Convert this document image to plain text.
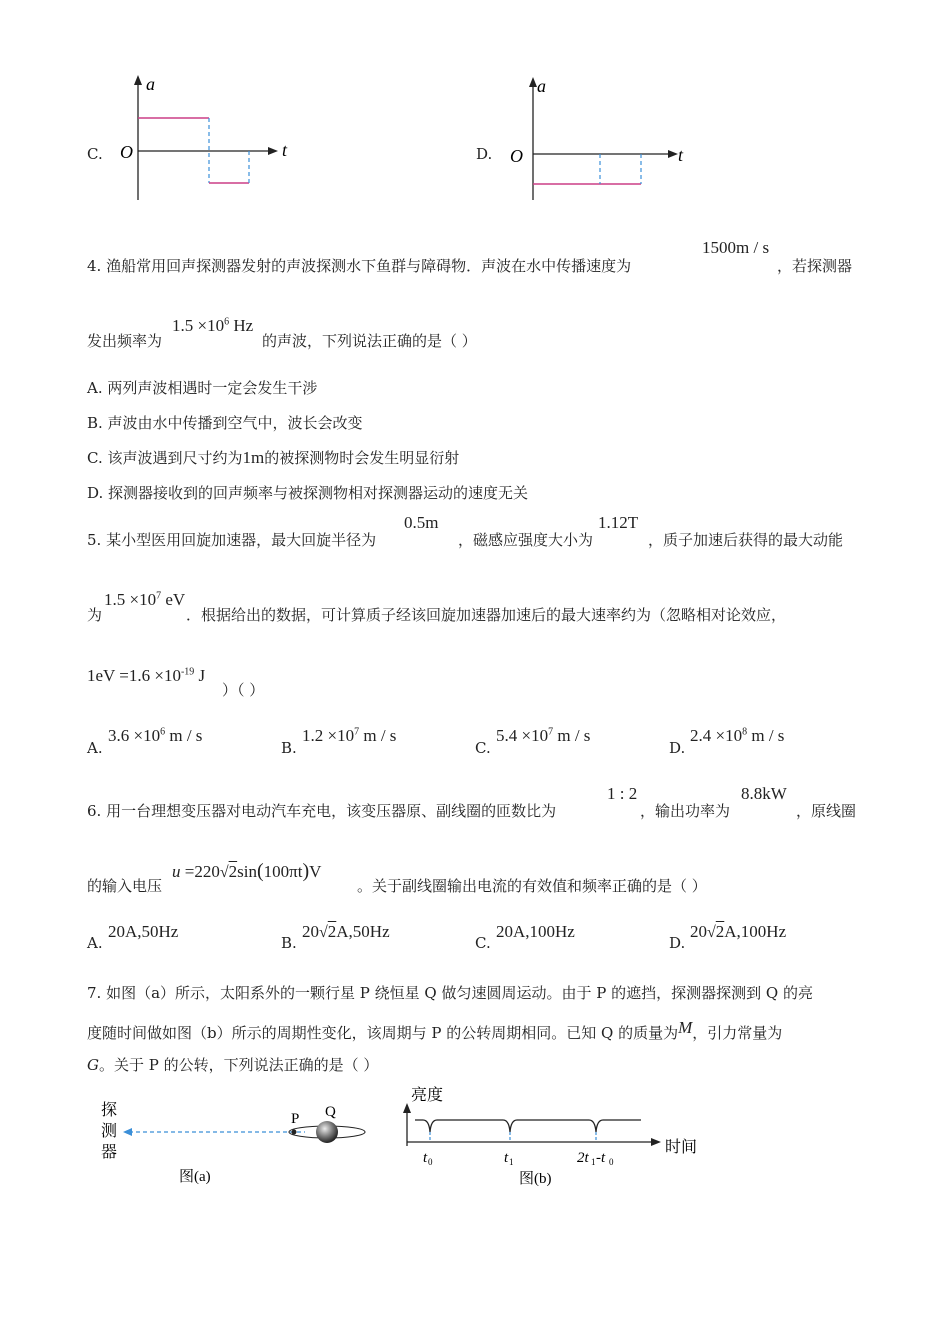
C.
a
O	t	D.
a
O	t
4. 渔船常用回声探测器发射的声波探测水下鱼群与障碍物．声波在水中传播速度为
1500m / s
，若探测器
发出频率为
$1.5 \times 10^6$ Hz
的声波，下列说法正确的是（ ）
A. 两列声波相遇时一定会发生干涉
B. 声波由水中传播到空气中，波长会改变
C. 该声波遇到尺寸约为1m的被探测物时会发生明显衍射
D. 探测器接收到的回声频率与被探测物相对探测器运动的速度无关
5. 某小型医用回旋加速器，最大回旋半径为
0.5m
，磁感应强度大小为
1.12T
，质子加速后获得的最大动能
为
$1.5 \times 10^7$ eV
．根据给出的数据，可计算质子经该回旋加速器加速后的最大速率约为（忽略相对论效应，
$1eV =1.6 \times 10^{-19}$ J
）（ ）
A.
$3.6 \times 10^6$ m / s
B.
$1.2 \times 10^7$ m / s
C.
$5.4 \times 10^7$ m / s
D.
$2.4 \times 10^8$ m / s
6. 用一台理想变压器对电动汽车充电，该变压器原、副线圈的匝数比为
1 : 2
，输出功率为
8.8kW
，原线圈
的输入电压
u =220√2sin(100πt)V
。关于副线圈输出电流的有效值和频率正确的是（ ）
A.
20A,50Hz
B.
20√2A,50Hz
C.
20A,100Hz
D.
20√2A,100Hz
7. 如图（a）所示，太阳系外的一颗行星 P 绕恒星 Q 做匀速圆周运动。由于 P 的遮挡，探测器探测到 Q 的亮
度随时间做如图（b）所示的周期性变化，该周期与 P 的公转周期相同。已知 Q 的质量为M，引力常量为
G。关于 P 的公转，下列说法正确的是（ ）
探
测
器
P Q
图(a)
亮度
时间
t 0	t 1	2t 1 -t 0
图(b)
